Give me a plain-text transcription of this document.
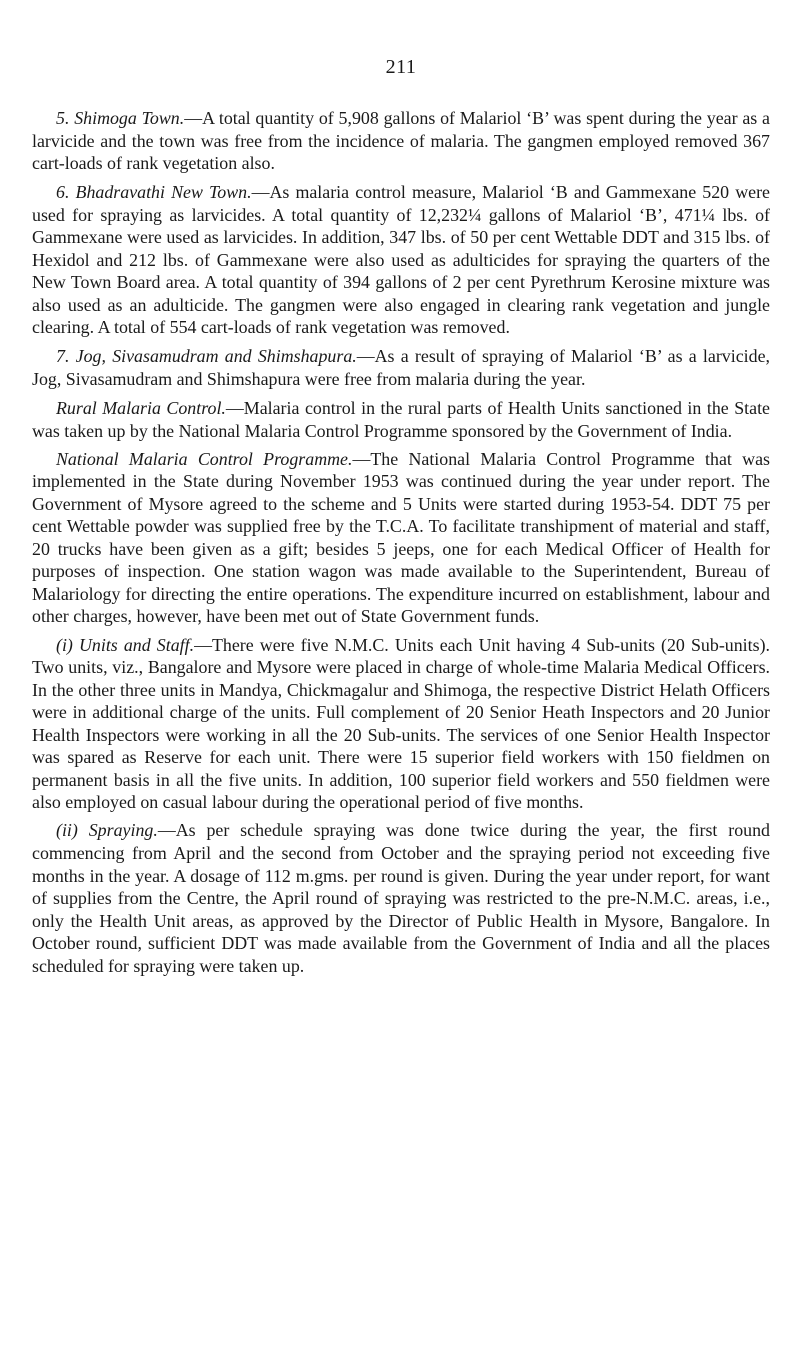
211

5. Shimoga Town.—A total quantity of 5,908 gallons of Malariol ‘B’ was spent during the year as a larvicide and the town was free from the incidence of malaria. The gangmen employed removed 367 cart-loads of rank vegetation also.

6. Bhadravathi New Town.—As malaria control measure, Malariol ‘B and Gammexane 520 were used for spraying as larvicides. A total quantity of 12,232¼ gallons of Malariol ‘B’, 471¼ lbs. of Gammexane were used as larvicides. In addition, 347 lbs. of 50 per cent Wettable DDT and 315 lbs. of Hexidol and 212 lbs. of Gammexane were also used as adulticides for spraying the quarters of the New Town Board area. A total quantity of 394 gallons of 2 per cent Pyrethrum Kerosine mixture was also used as an adulticide. The gangmen were also engaged in clearing rank vegetation and jungle clearing. A total of 554 cart-loads of rank vegetation was removed.

7. Jog, Sivasamudram and Shimshapura.—As a result of spraying of Malariol ‘B’ as a larvicide, Jog, Sivasamudram and Shimshapura were free from malaria during the year.

Rural Malaria Control.—Malaria control in the rural parts of Health Units sanctioned in the State was taken up by the National Malaria Control Programme sponsored by the Government of India.

National Malaria Control Programme.—The National Malaria Control Programme that was implemented in the State during November 1953 was continued during the year under report. The Government of Mysore agreed to the scheme and 5 Units were started during 1953-54. DDT 75 per cent Wettable powder was supplied free by the T.C.A. To facilitate transhipment of material and staff, 20 trucks have been given as a gift; besides 5 jeeps, one for each Medical Officer of Health for purposes of inspection. One station wagon was made available to the Superintendent, Bureau of Malariology for directing the entire operations. The expenditure incurred on establishment, labour and other charges, however, have been met out of State Government funds.

(i) Units and Staff.—There were five N.M.C. Units each Unit having 4 Sub-units (20 Sub-units). Two units, viz., Bangalore and Mysore were placed in charge of whole-time Malaria Medical Officers. In the other three units in Mandya, Chickmagalur and Shimoga, the respective District Helath Officers were in additional charge of the units. Full complement of 20 Senior Heath Inspectors and 20 Junior Health Inspectors were working in all the 20 Sub-units. The services of one Senior Health Inspector was spared as Reserve for each unit. There were 15 superior field workers with 150 fieldmen on permanent basis in all the five units. In addition, 100 superior field workers and 550 fieldmen were also employed on casual labour during the operational period of five months.

(ii) Spraying.—As per schedule spraying was done twice during the year, the first round commencing from April and the second from October and the spraying period not exceeding five months in the year. A dosage of 112 m.gms. per round is given. During the year under report, for want of supplies from the Centre, the April round of spraying was restricted to the pre-N.M.C. areas, i.e., only the Health Unit areas, as approved by the Director of Public Health in Mysore, Bangalore. In October round, sufficient DDT was made available from the Government of India and all the places scheduled for spraying were taken up.
